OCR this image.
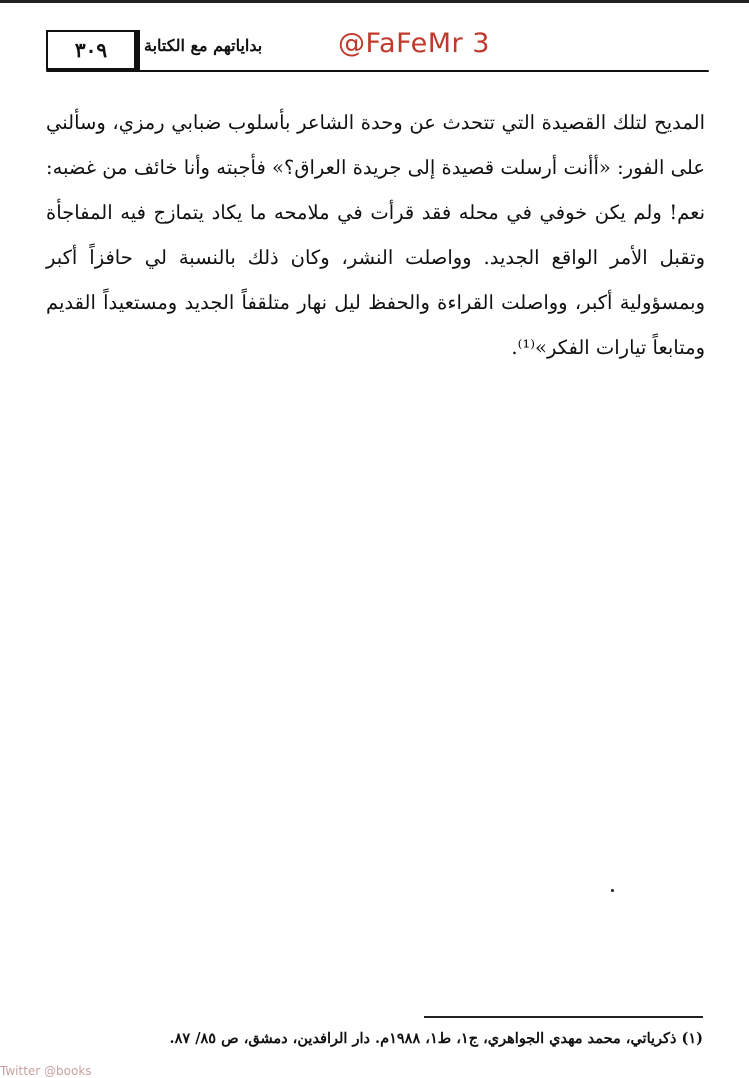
٣٠٩	بداياتهم مع الكتابة	@FaFeMr 3

المديح لتلك القصيدة التي تتحدث عن وحدة الشاعر بأسلوب ضبابي رمزي، وسألني على الفور: «أأنت أرسلت قصيدة إلى جريدة العراق؟» فأجبته وأنا خائف من غضبه: نعم! ولم يكن خوفي في محله فقد قرأت في ملامحه ما يكاد يتمازج فيه المفاجأة وتقبل الأمر الواقع الجديد. وواصلت النشر، وكان ذلك بالنسبة لي حافزاً أكبر وبمسؤولية أكبر، وواصلت القراءة والحفظ ليل نهار متلقفاً الجديد ومستعيداً القديم ومتابعاً تيارات الفكر»⁽¹⁾.

(١) ذكرياتي، محمد مهدي الجواهري، ج١، ط١، ١٩٨٨م. دار الرافدين، دمشق، ص ٨٥/ ٨٧.
Twitter @books
